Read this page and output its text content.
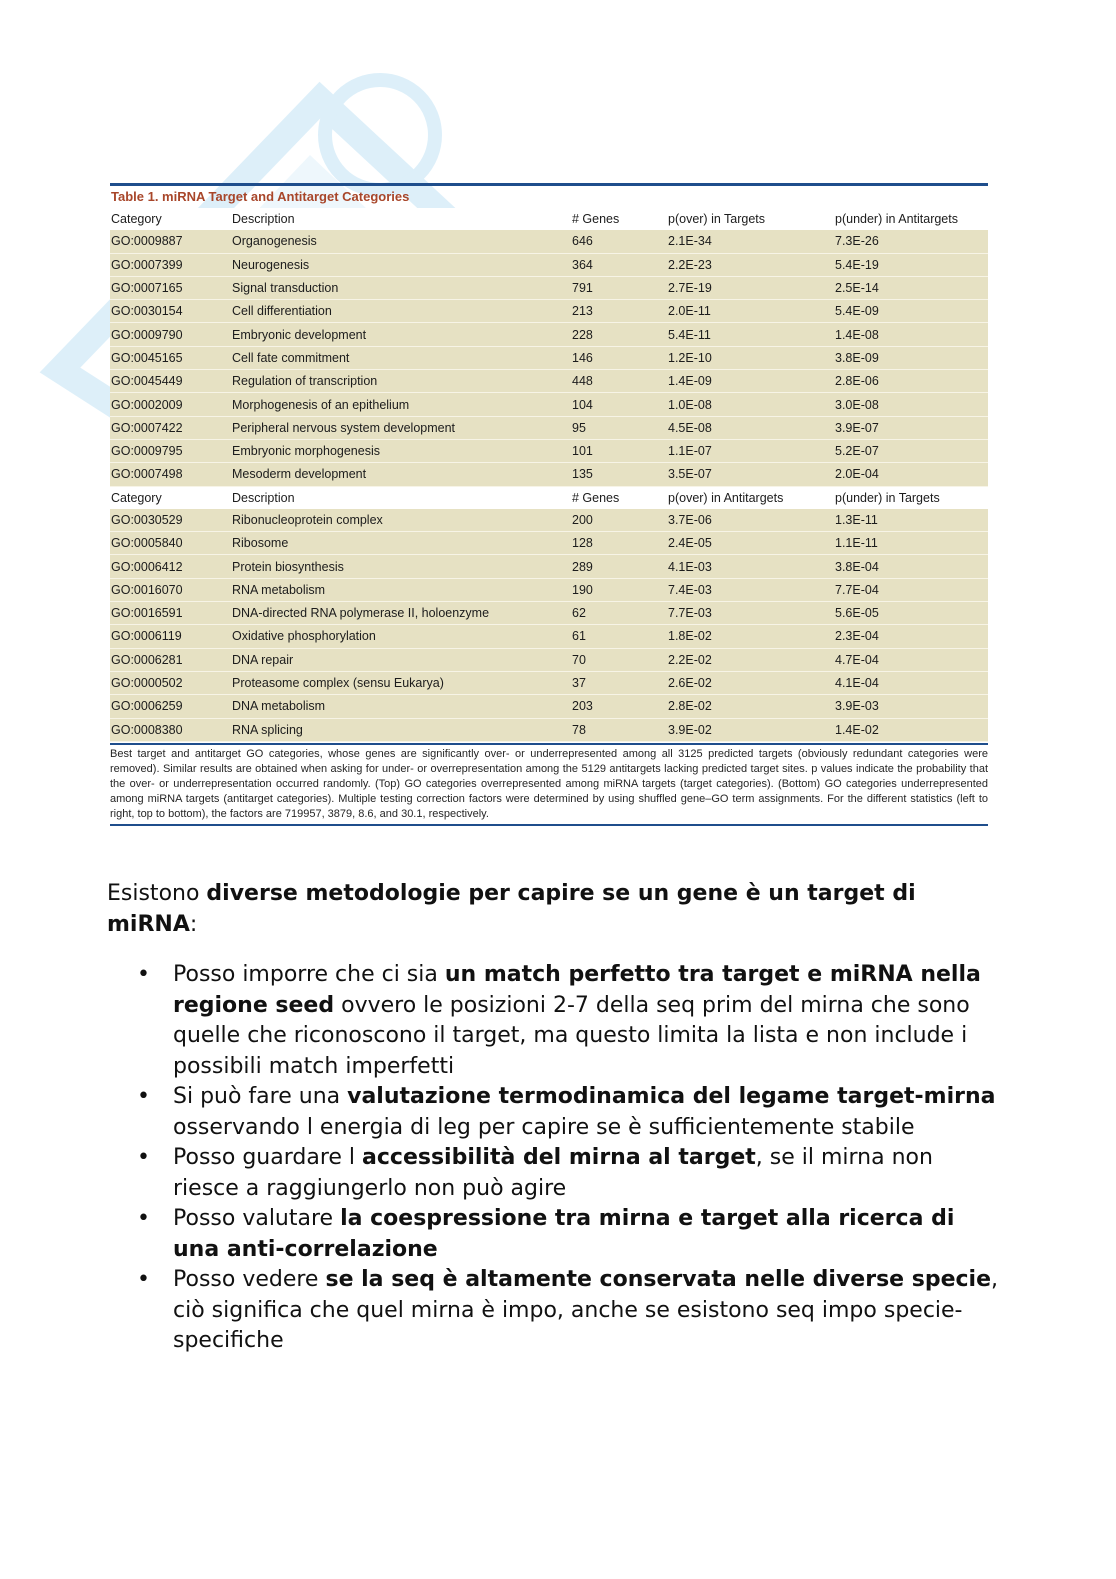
Table 1. miRNA Target and Antitarget Categories
Category	Description	# Genes	p(over) in Targets	p(under) in Antitargets
GO:0009887	Organogenesis	646	2.1E-34	7.3E-26
GO:0007399	Neurogenesis	364	2.2E-23	5.4E-19
GO:0007165	Signal transduction	791	2.7E-19	2.5E-14
GO:0030154	Cell differentiation	213	2.0E-11	5.4E-09
GO:0009790	Embryonic development	228	5.4E-11	1.4E-08
GO:0045165	Cell fate commitment	146	1.2E-10	3.8E-09
GO:0045449	Regulation of transcription	448	1.4E-09	2.8E-06
GO:0002009	Morphogenesis of an epithelium	104	1.0E-08	3.0E-08
GO:0007422	Peripheral nervous system development	95	4.5E-08	3.9E-07
GO:0009795	Embryonic morphogenesis	101	1.1E-07	5.2E-07
GO:0007498	Mesoderm development	135	3.5E-07	2.0E-04
Category	Description	# Genes	p(over) in Antitargets	p(under) in Targets
GO:0030529	Ribonucleoprotein complex	200	3.7E-06	1.3E-11
GO:0005840	Ribosome	128	2.4E-05	1.1E-11
GO:0006412	Protein biosynthesis	289	4.1E-03	3.8E-04
GO:0016070	RNA metabolism	190	7.4E-03	7.7E-04
GO:0016591	DNA-directed RNA polymerase II, holoenzyme	62	7.7E-03	5.6E-05
GO:0006119	Oxidative phosphorylation	61	1.8E-02	2.3E-04
GO:0006281	DNA repair	70	2.2E-02	4.7E-04
GO:0000502	Proteasome complex (sensu Eukarya)	37	2.6E-02	4.1E-04
GO:0006259	DNA metabolism	203	2.8E-02	3.9E-03
GO:0008380	RNA splicing	78	3.9E-02	1.4E-02
Best target and antitarget GO categories, whose genes are significantly over- or underrepresented among all 3125 predicted targets (obviously redundant categories were removed). Similar results are obtained when asking for under- or overrepresentation among the 5129 antitargets lacking predicted target sites. p values indicate the probability that the over- or underrepresentation occurred randomly. (Top) GO categories overrepresented among miRNA targets (target categories). (Bottom) GO categories underrepresented among miRNA targets (antitarget categories). Multiple testing correction factors were determined by using shuffled gene–GO term assignments. For the different statistics (left to right, top to bottom), the factors are 719957, 3879, 8.6, and 30.1, respectively.

Esistono diverse metodologie per capire se un gene è un target di miRNA:

• Posso imporre che ci sia un match perfetto tra target e miRNA nella regione seed ovvero le posizioni 2-7 della seq prim del mirna che sono quelle che riconoscono il target, ma questo limita la lista e non include i possibili match imperfetti
• Si può fare una valutazione termodinamica del legame target-mirna osservando l energia di leg per capire se è sufficientemente stabile
• Posso guardare l accessibilità del mirna al target, se il mirna non riesce a raggiungerlo non può agire
• Posso valutare la coespressione tra mirna e target alla ricerca di una anti-correlazione
• Posso vedere se la seq è altamente conservata nelle diverse specie, ciò significa che quel mirna è impo, anche se esistono seq impo specie-specifiche
